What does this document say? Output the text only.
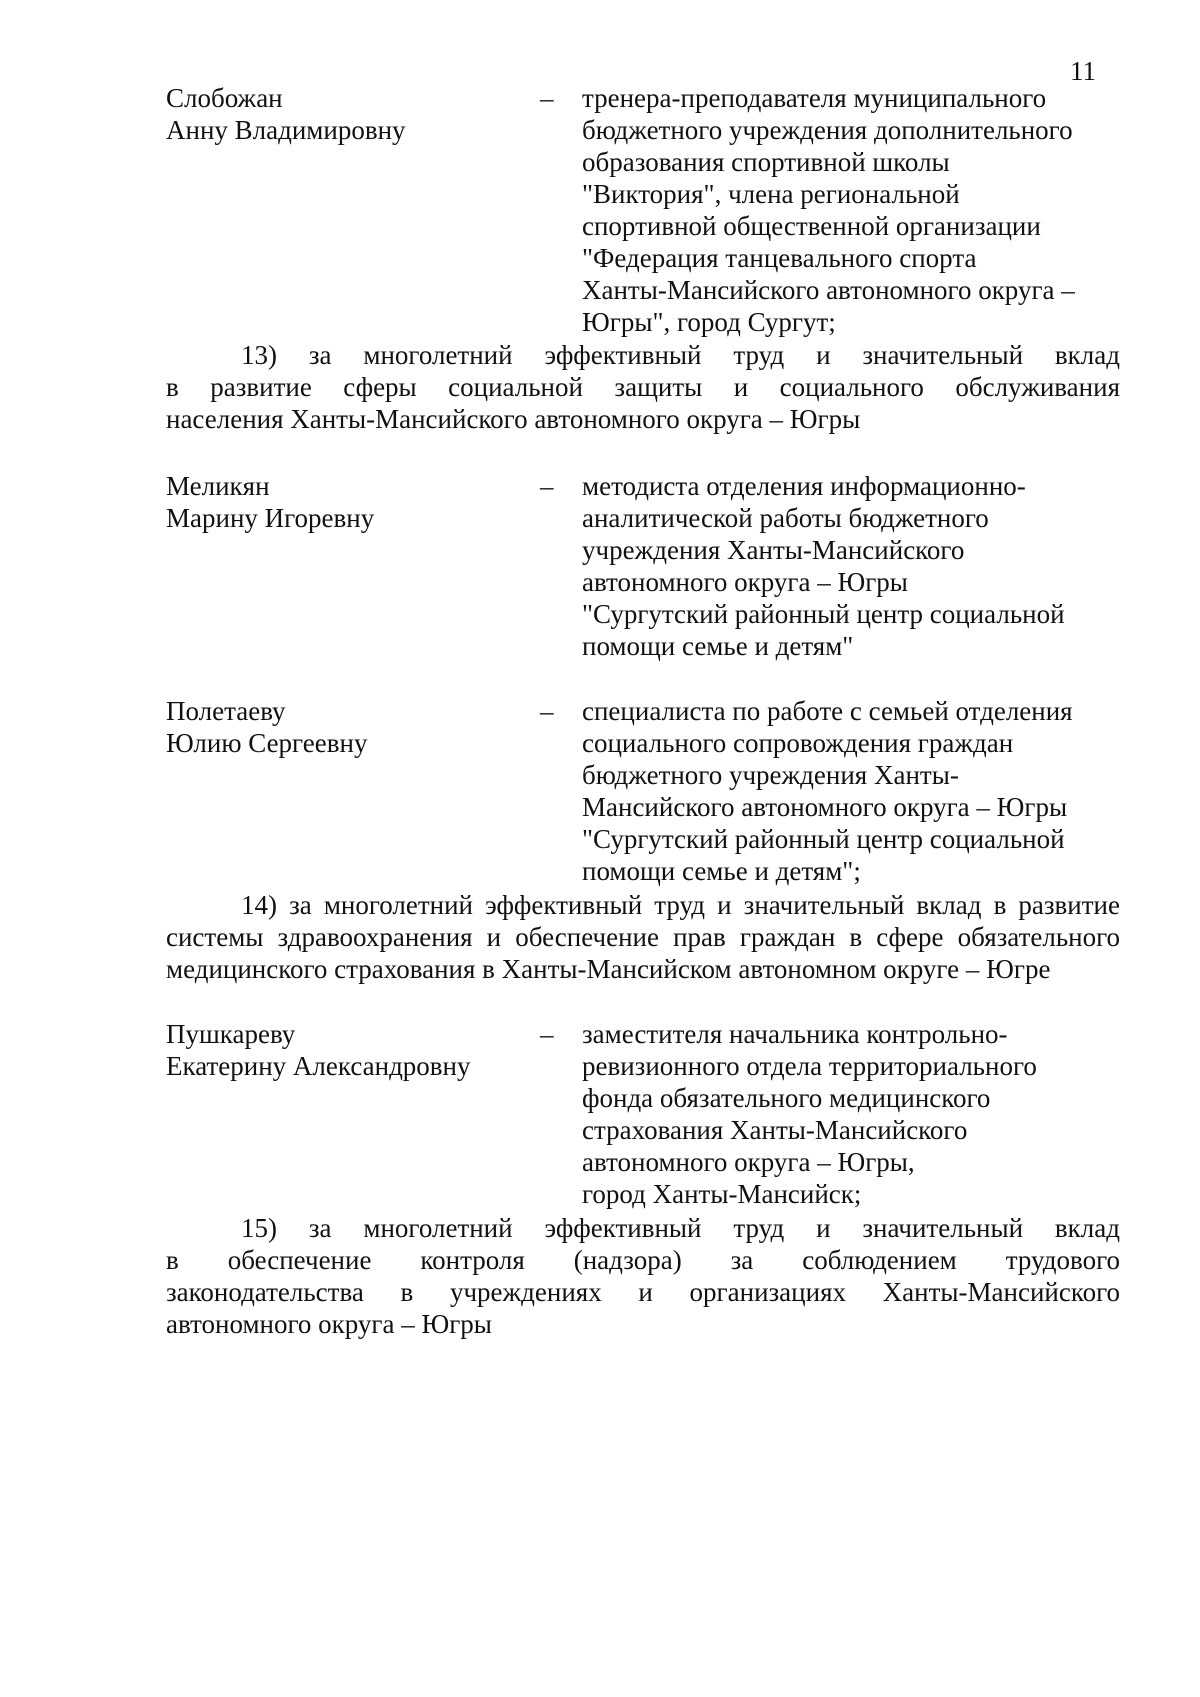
11
Слобожан
Анну Владимировну
– тренера-преподавателя муниципального
бюджетного учреждения дополнительного
образования спортивной школы
"Виктория", члена региональной
спортивной общественной организации
"Федерация танцевального спорта
Ханты-Мансийского автономного округа –
Югры", город Сургут;
13) за многолетний эффективный труд и значительный вклад
в развитие сферы социальной защиты и социального обслуживания
населения Ханты-Мансийского автономного округа – Югры
Меликян
Марину Игоревну
– методиста отделения информационно-
аналитической работы бюджетного
учреждения Ханты-Мансийского
автономного округа – Югры
"Сургутский районный центр социальной
помощи семье и детям"
Полетаеву
Юлию Сергеевну
– специалиста по работе с семьей отделения
социального сопровождения граждан
бюджетного учреждения Ханты-
Мансийского автономного округа – Югры
"Сургутский районный центр социальной
помощи семье и детям";
14) за многолетний эффективный труд и значительный вклад в развитие
системы здравоохранения и обеспечение прав граждан в сфере обязательного
медицинского страхования в Ханты-Мансийском автономном округе – Югре
Пушкареву
Екатерину Александровну
– заместителя начальника контрольно-
ревизионного отдела территориального
фонда обязательного медицинского
страхования Ханты-Мансийского
автономного округа – Югры,
город Ханты-Мансийск;
15) за многолетний эффективный труд и значительный вклад
в обеспечение контроля (надзора) за соблюдением трудового
законодательства в учреждениях и организациях Ханты-Мансийского
автономного округа – Югры
